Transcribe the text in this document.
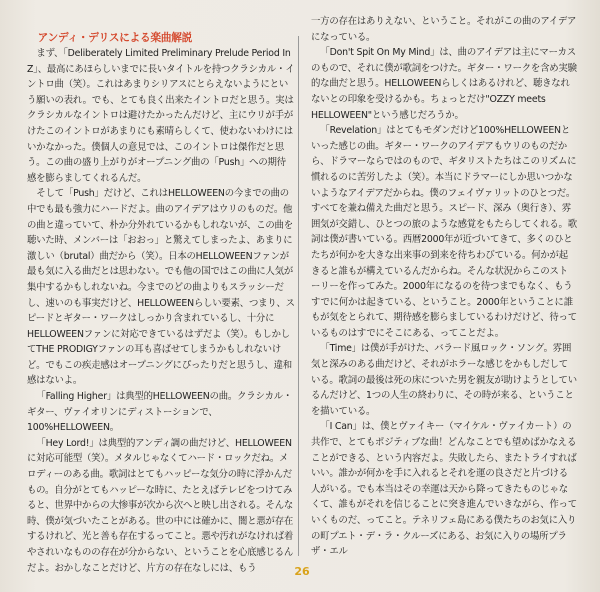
アンディ・デリスによる楽曲解説

まず、「Deliberately Limited Preliminary Prelude Period In Z」、最高にあほらしいまでに長いタイトルを持つクラシカル・イントロ曲（笑）。これはあまりシリアスにとらえないようにという願いの表れ。でも、とても良く出来たイントロだと思う。実はクラシカルなイントロは避けたかったんだけど、主にウリが手がけたこのイントロがあまりにも素晴らしくて、使わないわけにはいかなかった。僕個人の意見では、このイントロは傑作だと思う。この曲の盛り上がりがオープニング曲の「Push」への期待感を膨らましてくれるんだ。

そして「Push」だけど、これはHELLOWEENの今までの曲の中でも最も強力にハードだよ。曲のアイデアはウリのものだ。他の曲と違っていて、朴か分外れているかもしれないが、この曲を聴いた時、メンバーは「おおっ」と驚えてしまったよ、あまりに激しい（brutal）曲だから（笑）。日本のHELLOWEENファンが最も気に入る曲だとは思わない。でも他の国ではこの曲に人気が集中するかもしれないね。今までのどの曲よりもスラッシーだし、速いのも事実だけど、HELLOWEENらしい要素、つまり、スピードとギター・ワークはしっかり含まれているし、十分にHELLOWEENファンに対応できているはずだよ（笑）。もしかしてTHE PRODIGYファンの耳も喜ばせてしまうかもしれないけど。でもこの疾走感はオープニングにぴったりだと思うし、違和感はないよ。

「Falling Higher」は典型的HELLOWEENの曲。クラシカル・ギター、ヴァイオリンにディストーションで、100%HELLOWEEN。

「Hey Lord!」は典型的アンディ調の曲だけど、HELLOWEENに対応可能型（笑）。メタルじゃなくてハード・ロックだね。メロディーのある曲。歌詞はとてもハッピーな気分の時に浮かんだもの。自分がとてもハッピーな時に、たとえばテレビをつけてみると、世界中からの大惨事が次から次へと映し出される。そんな時、僕が気づいたことがある。世の中には確かに、闇と悪が存在するけれど、光と善も存在するってこと。悪や汚れがなければ着やされいなものの存在が分からない、ということを心底感じるんだよ。おかしなことだけど、片方の存在なしには、もう

一方の存在はありえない、ということ。それがこの曲のアイデアになっている。

「Don't Spit On My Mind」は、曲のアイデアは主にマーカスのもので、それに僕が歌詞をつけた。ギター・ワークを含め実験的な曲だと思う。HELLOWEENらしくはあるけれど、聴きなれないとの印象を受けるかも。ちょっとだけ"OZZY meets HELLOWEEN"という感じだろうか。

「Revelation」はとてもモダンだけど100%HELLOWEENといった感じの曲。ギター・ワークのアイデアもウリのものだから、ドラマーならではのもので、ギタリストたちはこのリズムに慣れるのに苦労したよ（笑）。本当にドラマーにしか思いつかないようなアイデアだからね。僕のフェイヴァリットのひとつだ。すべてを兼ね備えた曲だと思う。スピード、深み（奥行き）、雰囲気が交錯し、ひとつの旅のような感覚をもたらしてくれる。歌詞は僕が書いている。西暦2000年が近づいてきて、多くのひとたちが何かを大きな出来事の到来を待ちわびている。何かが起きると誰もが構えているんだからね。そんな状況からこのストーリーを作ってみた。2000年になるのを待つまでもなく、もうすでに何かは起きている、ということ。2000年ということに誰もが気をとられて、期待感を膨らましているわけだけど、待っているものはすでにそこにある、ってことだよ。

「Time」は僕が手がけた、バラード風ロック・ソング。雰囲気と深みのある曲だけど、それがホラーな感じをかもしだしている。歌詞の最後は死の床についた男を親友が助けようとしているんだけど、1つの人生の終わりに、その時が来る、ということを描いている。

「I Can」は、僕とヴァイキー（マイケル・ヴァイカート）の共作で、とてもポジティブな曲！どんなことでも望めばかなえることができる、という内容だよ。失敗したら、またトライすればいい。誰かが何かを手に入れるとそれを運の良さだと片づける人がいる。でも本当はその幸運は天から降ってきたものじゃなくて、誰もがそれを信じることに突き進んでいきながら、作っていくものだ、ってこと。テネリフェ島にある僕たちのお気に入りの町プエト・デ・ラ・クルーズにある、お気に入りの場所プラザ・エル

26
